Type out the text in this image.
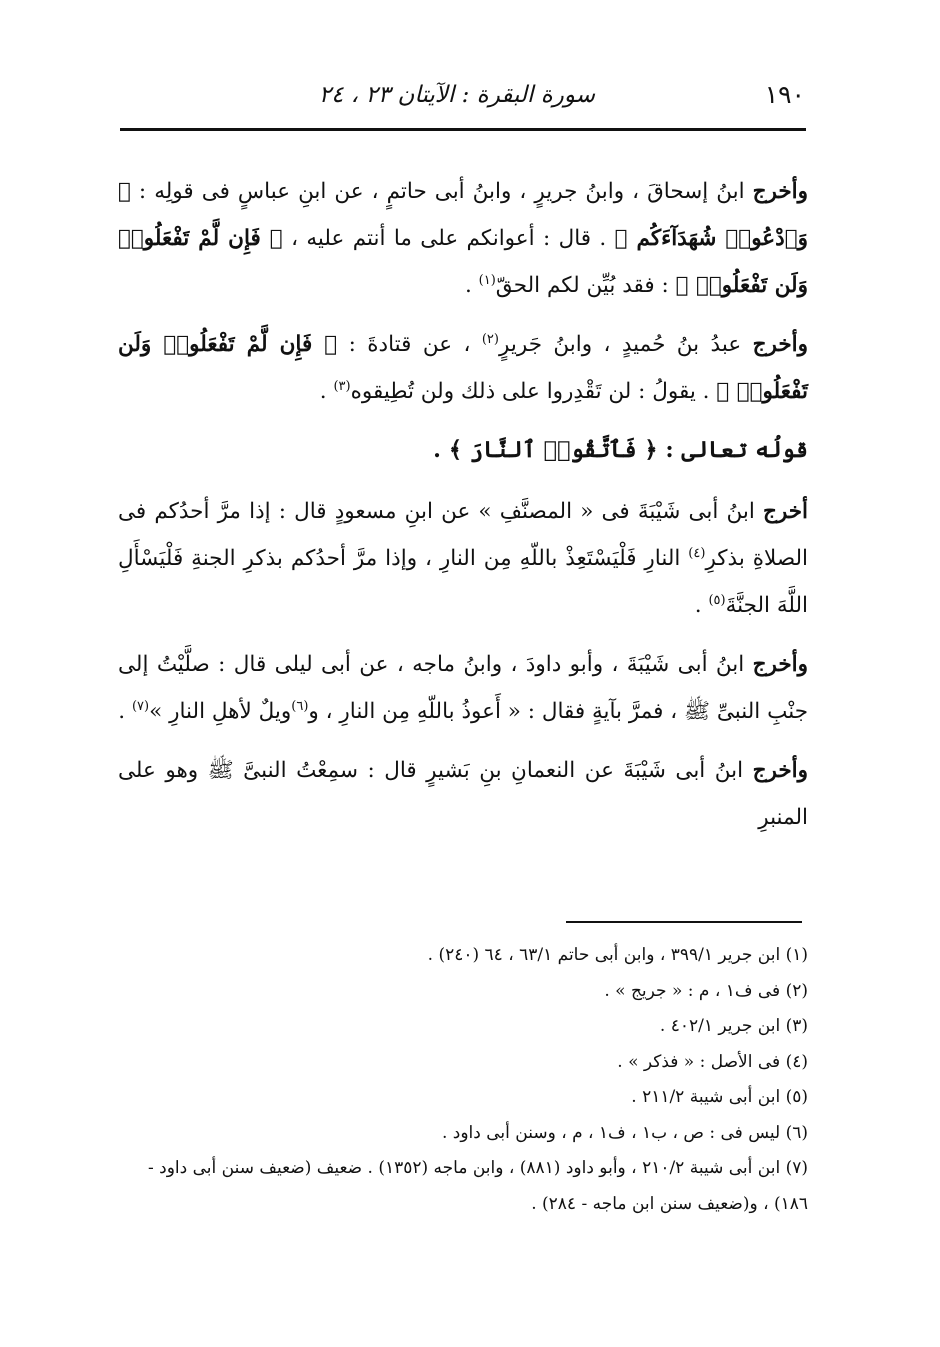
١٩٠
سورة البقرة : الآيتان ٢٣ ، ٢٤

وأخرج ابنُ إسحاقَ ، وابنُ جريرٍ ، وابنُ أبى حاتمٍ ، عن ابنِ عباسٍ فى قولِه : ﴿ وَٱدْعُوا۟ شُهَدَآءَكُم ﴾ . قال : أعوانكم على ما أنتم عليه ، ﴿ فَإِن لَّمْ تَفْعَلُوا۟ وَلَن تَفْعَلُوا۟ ﴾ : فقد بُيِّن لكم الحقّ$^{(١)}$ .

وأخرج عبدُ بنُ حُميدٍ ، وابنُ جَريرٍ$^{(٢)}$ ، عن قتادةَ : ﴿ فَإِن لَّمْ تَفْعَلُوا۟ وَلَن تَفْعَلُوا۟ ﴾ . يقولُ : لن تَقْدِروا على ذلك ولن تُطِيقوه$^{(٣)}$ .

قولُه تعالى : ﴿ فَٱتَّقُوا۟ ٱلنَّارَ ﴾ .

أخرج ابنُ أبى شَيْبَةَ فى « المصنَّفِ » عن ابنِ مسعودٍ قال : إذا مرَّ أحدُكم فى الصلاةِ بذكرِ$^{(٤)}$ النارِ فَلْيَسْتَعِذْ باللّهِ مِن النارِ ، وإذا مرَّ أحدُكم بذكرِ الجنةِ فَلْيَسْأَلِ اللَّهَ الجنَّةَ$^{(٥)}$ .

وأخرج ابنُ أبى شَيْبَةَ ، وأبو داودَ ، وابنُ ماجه ، عن أبى ليلى قال : صلَّيْتُ إلى جنْبِ النبىِّ ﷺ ، فمرَّ بآيةٍ فقال : « أَعوذُ باللّهِ مِن النارِ ، و$^{(٦)}$ويلٌ لأهلِ النارِ »$^{(٧)}$ .

وأخرج ابنُ أبى شَيْبَةَ عن النعمانِ بنِ بَشيرٍ قال : سمِعْتُ النبىَّ ﷺ وهو على المنبرِ

(١) ابن جرير ٣٩٩/١ ، وابن أبى حاتم ٦٣/١ ، ٦٤ (٢٤٠) .

(٢) فى ف١ ، م : « جريج » .

(٣) ابن جرير ٤٠٢/١ .

(٤) فى الأصل : « فذكر » .

(٥) ابن أبى شيبة ٢١١/٢ .

(٦) ليس فى : ص ، ب١ ، ف١ ، م ، وسنن أبى داود .

(٧) ابن أبى شيبة ٢١٠/٢ ، وأبو داود (٨٨١) ، وابن ماجه (١٣٥٢) . ضعيف (ضعيف سنن أبى داود - ١٨٦) ، و(ضعيف سنن ابن ماجه - ٢٨٤) .
